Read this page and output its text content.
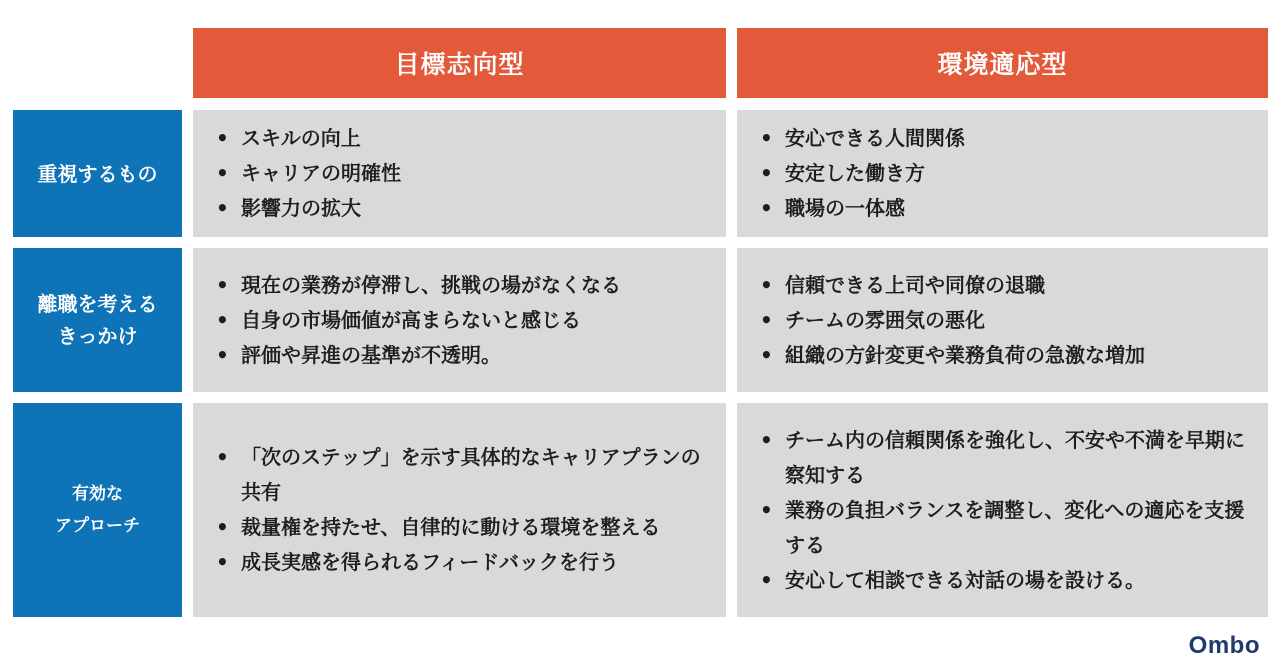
目標志向型	環境適応型
重視するもの
• スキルの向上
• キャリアの明確性
• 影響力の拡大
• 安心できる人間関係
• 安定した働き方
• 職場の一体感
離職を考える
きっかけ
• 現在の業務が停滞し、挑戦の場がなくなる
• 自身の市場価値が高まらないと感じる
• 評価や昇進の基準が不透明。
• 信頼できる上司や同僚の退職
• チームの雰囲気の悪化
• 組織の方針変更や業務負荷の急激な増加
有効な
アプローチ
• 「次のステップ」を示す具体的なキャリアプランの共有
• 裁量権を持たせ、自律的に動ける環境を整える
• 成長実感を得られるフィードバックを行う
• チーム内の信頼関係を強化し、不安や不満を早期に察知する
• 業務の負担バランスを調整し、変化への適応を支援する
• 安心して相談できる対話の場を設ける。
Ombo
